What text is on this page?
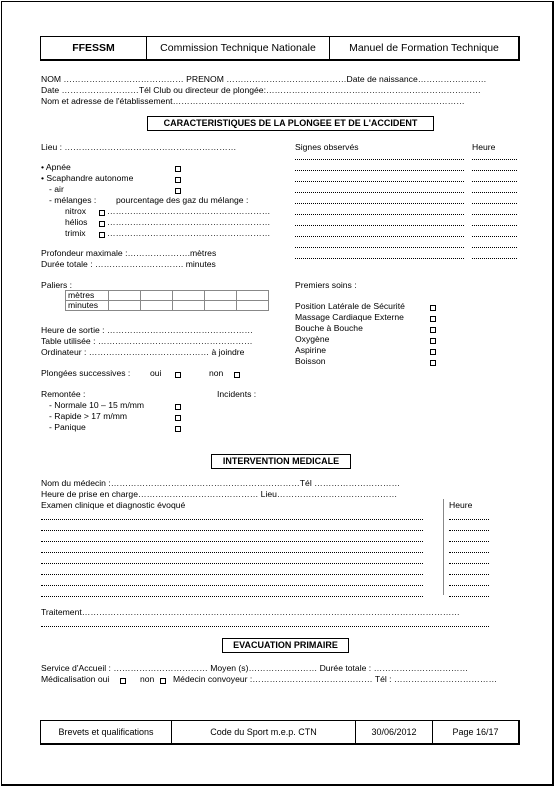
FFESSM	Commission Technique Nationale	Manuel de Formation Technique
NOM …………………………………… PRENOM ……………………………………Date de naissance……………………
Date ………………………Tél Club ou directeur de plongée:…………………………………………………………………
Nom et adresse de l'établissement…………………………………………………………………………………………
CARACTERISTIQUES DE LA PLONGEE ET DE L'ACCIDENT
Lieu : ……………………………………………………	Signes observés	Heure
• Apnée
• Scaphandre autonome
- air
- mélanges : pourcentage des gaz du mélange :
nitrox …………………………………………………
hélios …………………………………………………
trimix …………………………………………………
Profondeur maximale :………………….mètres
Durée totale : …………………………. minutes
Paliers :
mètres					
minutes					
Premiers soins :
Position Latérale de Sécurité
Massage Cardiaque Externe
Bouche à Bouche
Oxygène
Aspirine
Boisson
Heure de sortie : ……………………………………………
Table utilisée : ………………………………………………
Ordinateur : …………………………………… à joindre
Plongées successives : oui	non
Remontée :	Incidents :
- Normale 10 – 15 m/mm
- Rapide > 17 m/mm
- Panique
INTERVENTION MEDICALE
Nom du médecin :…………………………………………………………Tél …………………………
Heure de prise en charge…………………………………… Lieu……………………………………
Examen clinique et diagnostic évoqué	Heure
Traitement……………………………………………………………………………………………………………………
EVACUATION PRIMAIRE
Service d'Accueil : …………………………… Moyen (s)…………………… Durée totale : ……………………………
Médicalisation oui	non Médecin convoyeur :…………………………………… Tél : ………………………………
Brevets et qualifications	Code du Sport m.e.p. CTN	30/06/2012	Page 16/17
